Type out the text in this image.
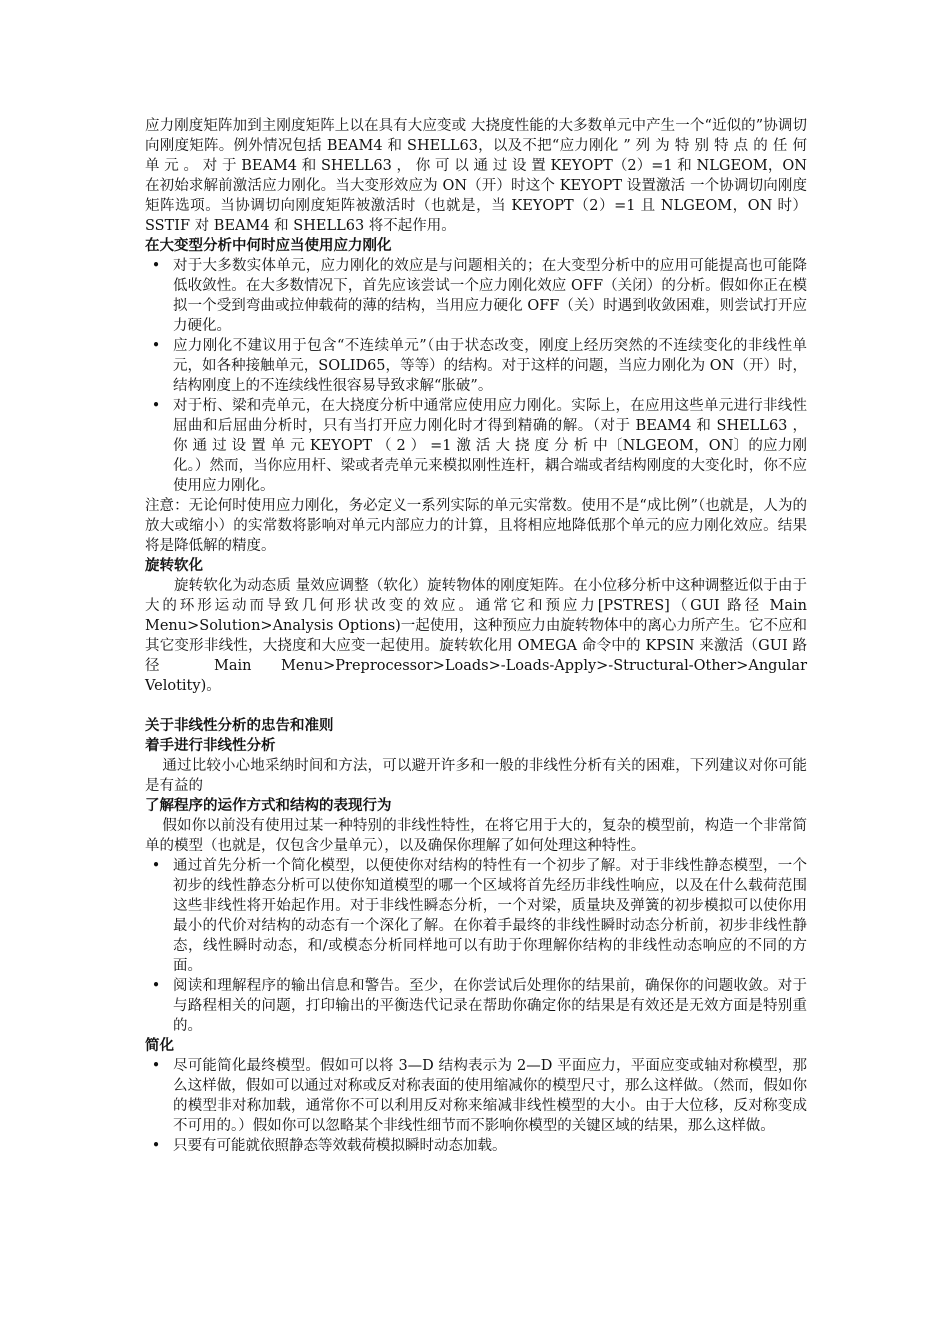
应力刚度矩阵加到主刚度矩阵上以在具有大应变或 大挠度性能的大多数单元中产生一个“近似的”协调切向刚度矩阵。例外情况包括 BEAM4 和 SHELL63，以及不把“应力刚化 ” 列 为 特 别 特 点 的 任 何 单 元 。 对 于 BEAM4 和 SHELL63 ， 你 可 以 通 过 设 置 KEYOPT（2）=1 和 NLGEOM，ON 在初始求解前激活应力刚化。当大变形效应为 ON（开）时这个 KEYOPT 设置激活 一个协调切向刚度矩阵选项。当协调切向刚度矩阵被激活时（也就是，当 KEYOPT（2）=1 且 NLGEOM，ON 时）SSTIF 对 BEAM4 和 SHELL63 将不起作用。

在大变型分析中何时应当使用应力刚化
• 对于大多数实体单元，应力刚化的效应是与问题相关的；在大变型分析中的应用可能提高也可能降低收敛性。在大多数情况下，首先应该尝试一个应力刚化效应 OFF（关闭）的分析。假如你正在模拟一个受到弯曲或拉伸载荷的薄的结构，当用应力硬化 OFF（关）时遇到收敛困难，则尝试打开应力硬化。
• 应力刚化不建议用于包含“不连续单元”（由于状态改变，刚度上经历突然的不连续变化的非线性单元，如各种接触单元，SOLID65，等等）的结构。对于这样的问题，当应力刚化为 ON（开）时，结构刚度上的不连续线性很容易导致求解“胀破”。
• 对于桁、梁和壳单元，在大挠度分析中通常应使用应力刚化。实际上，在应用这些单元进行非线性屈曲和后屈曲分析时，只有当打开应力刚化时才得到精确的解。（对于 BEAM4 和 SHELL63 ， 你 通 过 设 置 单 元 KEYOPT （ 2 ） =1 激 活 大 挠 度 分 析 中〔NLGEOM，ON〕的应力刚化。）然而，当你应用杆、梁或者壳单元来模拟刚性连杆，耦合端或者结构刚度的大变化时，你不应使用应力刚化。

注意：无论何时使用应力刚化，务必定义一系列实际的单元实常数。使用不是“成比例”（也就是，人为的放大或缩小）的实常数将影响对单元内部应力的计算，且将相应地降低那个单元的应力刚化效应。结果将是降低解的精度。

旋转软化

旋转软化为动态质 量效应调整（软化）旋转物体的刚度矩阵。在小位移分析中这种调整近似于由于大的环形运动而导致几何形状改变的效应。通常它和预应力[PSTRES]（GUI 路径 Main Menu>Solution>Analysis Options)一起使用，这种预应力由旋转物体中的离心力所产生。它不应和其它变形非线性，大挠度和大应变一起使用。旋转软化用 OMEGA 命令中的 KPSIN 来激活（GUI 路径 Main Menu>Preprocessor>Loads>-Loads-Apply>-Structural-Other>Angular Velotity)。

关于非线性分析的忠告和准则
着手进行非线性分析

通过比较小心地采纳时间和方法，可以避开许多和一般的非线性分析有关的困难，下列建议对你可能是有益的

了解程序的运作方式和结构的表现行为

假如你以前没有使用过某一种特别的非线性特性，在将它用于大的，复杂的模型前，构造一个非常简单的模型（也就是，仅包含少量单元），以及确保你理解了如何处理这种特性。

• 通过首先分析一个简化模型，以便使你对结构的特性有一个初步了解。对于非线性静态模型，一个初步的线性静态分析可以使你知道模型的哪一个区域将首先经历非线性响应，以及在什么载荷范围这些非线性将开始起作用。对于非线性瞬态分析，一个对梁，质量块及弹簧的初步模拟可以使你用最小的代价对结构的动态有一个深化了解。在你着手最终的非线性瞬时动态分析前，初步非线性静态，线性瞬时动态，和/或模态分析同样地可以有助于你理解你结构的非线性动态响应的不同的方面。
• 阅读和理解程序的输出信息和警告。至少，在你尝试后处理你的结果前，确保你的问题收敛。对于与路程相关的问题，打印输出的平衡迭代记录在帮助你确定你的结果是有效还是无效方面是特别重的。
简化
• 尽可能简化最终模型。假如可以将 3—D 结构表示为 2—D 平面应力，平面应变或轴对称模型，那么这样做，假如可以通过对称或反对称表面的使用缩减你的模型尺寸，那么这样做。（然而，假如你的模型非对称加载，通常你不可以利用反对称来缩减非线性模型的大小。由于大位移，反对称变成不可用的。）假如你可以忽略某个非线性细节而不影响你模型的关键区域的结果，那么这样做。
• 只要有可能就依照静态等效载荷模拟瞬时动态加载。
